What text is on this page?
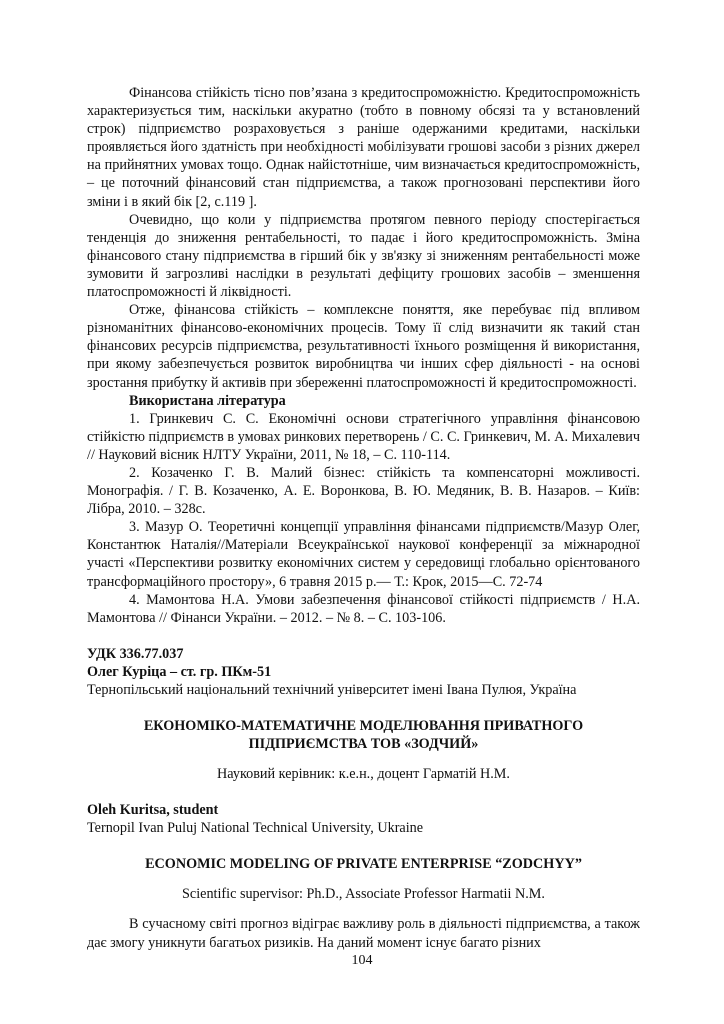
Фінансова стійкість тісно пов’язана з кредитоспроможністю. Кредитоспроможність характеризується тим, наскільки акуратно (тобто в повному обсязі та у встановлений строк) підприємство розраховується з раніше одержаними кредитами, наскільки проявляється його здатність при необхідності мобілізувати грошові засоби з різних джерел на прийнятних умовах тощо. Однак найістотніше, чим визначається кредитоспроможність, – це поточний фінансовий стан підприємства, а також прогнозовані перспективи його зміни і в який бік [2, с.119 ].

Очевидно, що коли у підприємства протягом певного періоду спостерігається тенденція до зниження рентабельності, то падає і його кредитоспроможність. Зміна фінансового стану підприємства в гірший бік у зв'язку зі зниженням рентабельності може зумовити й загрозливі наслідки в результаті дефіциту грошових засобів – зменшення платоспроможності й ліквідності.

Отже, фінансова стійкість – комплексне поняття, яке перебуває під впливом різноманітних фінансово-економічних процесів. Тому її слід визначити як такий стан фінансових ресурсів підприємства, результативності їхнього розміщення й використання, при якому забезпечується розвиток виробництва чи інших сфер діяльності - на основі зростання прибутку й активів при збереженні платоспроможності й кредитоспроможності.

Використана література

1. Гринкевич С. С. Економічні основи стратегічного управління фінансовою стійкістю підприємств в умовах ринкових перетворень / С. С. Гринкевич, М. А. Михалевич // Науковий вісник НЛТУ України, 2011, № 18, – С. 110-114.

2. Козаченко Г. В. Малий бізнес: стійкість та компенсаторні можливості. Монографія. / Г. В. Козаченко, А. Е. Воронкова, В. Ю. Медяник, В. В. Назаров. – Київ: Лібра, 2010. – 328с.

3. Мазур О. Теоретичні концепції управління фінансами підприємств/Мазур Олег, Константюк Наталія//Матеріали Всеукраїнської наукової конференції за міжнародної участі «Перспективи розвитку економічних систем у середовищі глобально орієнтованого трансформаційного простору», 6 травня 2015 р.— Т.: Крок, 2015—С. 72-74

4. Мамонтова Н.А. Умови забезпечення фінансової стійкості підприємств / Н.А. Мамонтова // Фінанси України. – 2012. – № 8. – С. 103-106.

УДК 336.77.037

Олег Куріца – ст. гр. ПКм-51

Тернопільський національний технічний університет імені Івана Пулюя, Україна

ЕКОНОМІКО-МАТЕМАТИЧНЕ МОДЕЛЮВАННЯ ПРИВАТНОГО
ПІДПРИЄМСТВА ТОВ «ЗОДЧИЙ»

Науковий керівник: к.е.н., доцент Гарматій Н.М.

Oleh Kuritsa, student

Ternopil Ivan Puluj National Technical University, Ukraine

ECONOMIC MODELING OF PRIVATE ENTERPRISE “ZODCHYY”

Scientific supervisor: Ph.D., Associate Professor Harmatii N.M.

В сучасному світі прогноз відіграє важливу роль в діяльності підприємства, а також дає змогу уникнути багатьох ризиків. На даний момент існує багато різних

104
